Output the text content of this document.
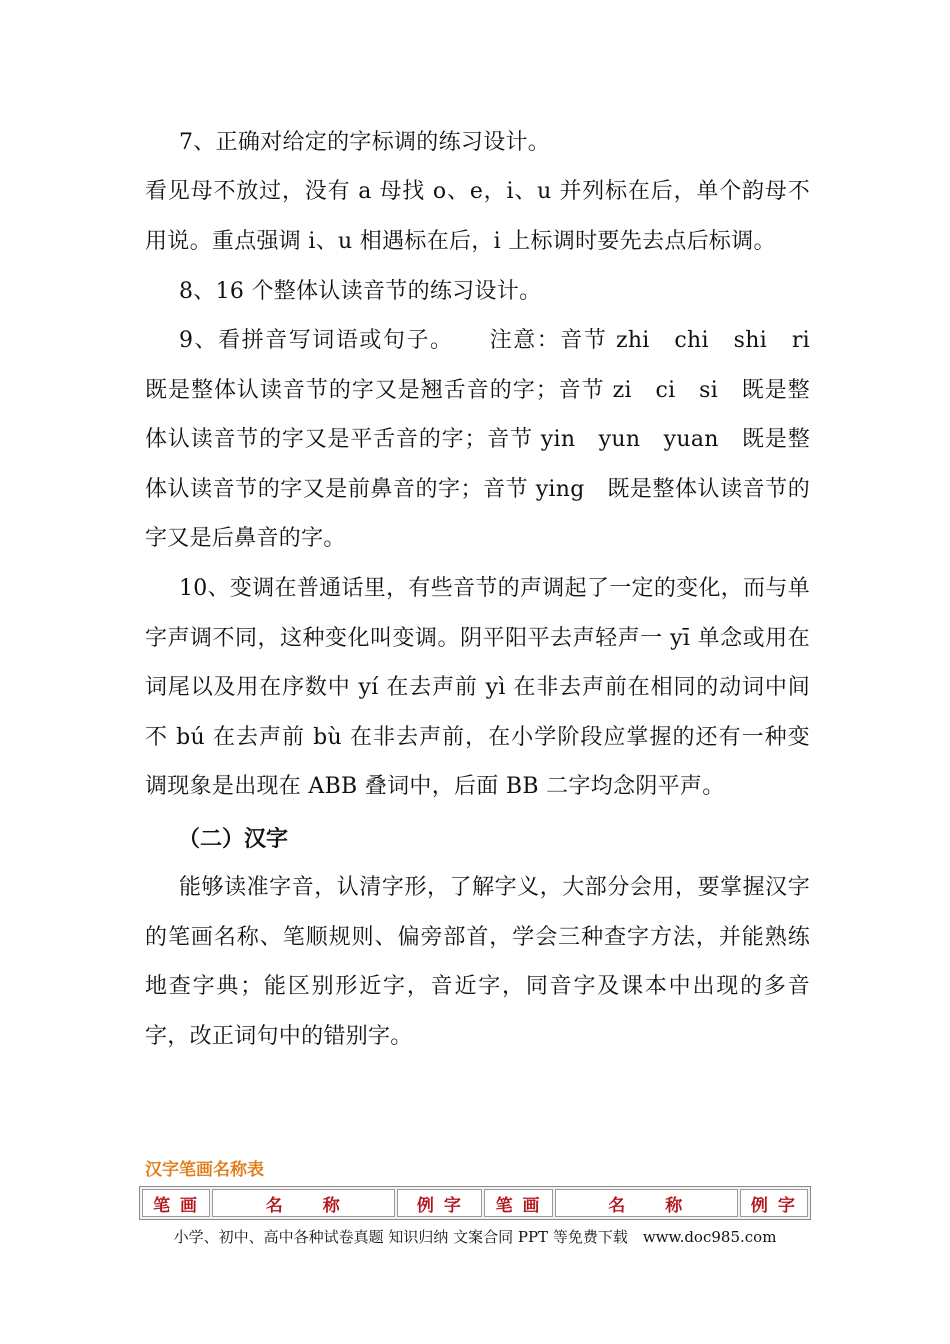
7、正确对给定的字标调的练习设计。

看见母不放过，没有 a 母找 o、e，i、u 并列标在后，单个韵母不用说。重点强调 i、u 相遇标在后，i 上标调时要先去点后标调。

8、16 个整体认读音节的练习设计。

9、看拼音写词语或句子。　　注意：音节 zhi　chi　shi　ri　既是整体认读音节的字又是翘舌音的字；音节 zi　ci　si　既是整体认读音节的字又是平舌音的字；音节 yin　yun　yuan　既是整体认读音节的字又是前鼻音的字；音节 ying　既是整体认读音节的字又是后鼻音的字。

10、变调在普通话里，有些音节的声调起了一定的变化，而与单字声调不同，这种变化叫变调。阴平阳平去声轻声一 yī 单念或用在词尾以及用在序数中 yí 在去声前 yì 在非去声前在相同的动词中间不 bú 在去声前 bù 在非去声前，在小学阶段应掌握的还有一种变调现象是出现在 ABB 叠词中，后面 BB 二字均念阴平声。

（二）汉字

能够读准字音，认清字形，了解字义，大部分会用，要掌握汉字的笔画名称、笔顺规则、偏旁部首，学会三种查字方法，并能熟练地查字典；能区别形近字，音近字，同音字及课本中出现的多音字，改正词句中的错别字。

汉字笔画名称表
笔 画	名　　称	例 字	笔 画	名　　称	例 字
小学、初中、高中各种试卷真题 知识归纳 文案合同 PPT 等免费下载　www.doc985.com
